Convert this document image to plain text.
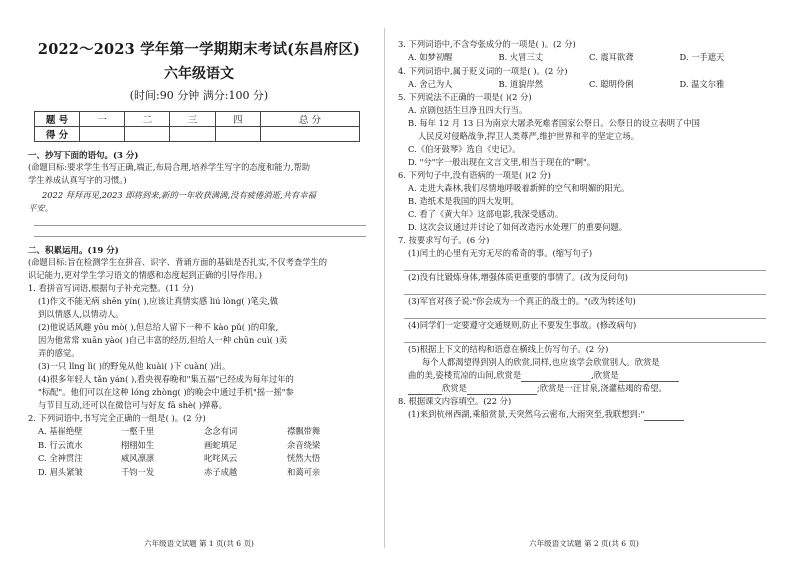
2022～2023 学年第一学期期末考试(东昌府区)
六年级语文
(时间:90 分钟 满分:100 分)
题 号	一	二	三	四	总 分
得 分					
一、抄写下面的语句。(3 分)
(命题目标:要求学生书写正确,端正,布局合理,培养学生写字的态度和能力,帮助
学生养成认真写字的习惯。)
2022 拜拜再见,2023 即将到来,新的一年收获满满,没有疲倦消逝,共有幸福
平安。
二、积累运用。(19 分)
(命题目标:旨在检测学生在拼音、识字、背诵方面的基础是否扎实,不仅考查学生的
识记能力,更对学生学习语文的情感和态度起到正确的引导作用。)
1. 看拼音写词语,根据句子补充完整。(11 分)
(1)作文不能无病 shēn yín( ),应该让真情实感 liú lòng( )笔尖,做
到以情感人,以情动人。
(2)他说话风趣 yōu mò( ),但总给人留下一种不 kào pǔ( )的印象,
因为他常常 xuān yào( )自己丰富的经历,但给人一种 chūn cuì( )卖
弄的感觉。
(3)一只 lǐng lì( )的野兔从他 kuài( )下 cuàn( )出。
(4)很多年轻人 tǎn yán( ),看央视春晚和"集五福"已经成为每年过年的
"标配"。他们可以在这种 lóng zhòng( )的晚会中通过手机"摇一摇"参
与节目互动,还可以在微信可与好友 fā shè( )弹幕。
2. 下列词语中,书写完全正确的一组是( )。(2 分)
A. 基崔绝壁	一壑千里	念念有词	襟飘带舞
B. 行云流水	栩栩如生	画蛇填足	余音绕梁
C. 全神贯注	威风凛凛	叱咤风云	恍然大悟
D. 眉头紧皱	千钧一发	赤子成越	和蔼可亲
六年级语文试题 第 1 页(共 6 页)
3. 下列词语中,不含夸张成分的一项是( )。(2 分)
A. 如梦初醒	B. 火冒三丈	C. 震耳欲聋	D. 一手遮天
4. 下列词语中,属于贬义词的一项是( )。(2 分)
A. 舍己为人	B. 道貌岸然	C. 聪明伶俐	D. 温文尔雅
5. 下列说法不正确的一项是( )(2 分)
A. 京剧包括生旦净丑四大行当。
B. 每年 12 月 13 日为南京大屠杀死难者国家公祭日。公祭日的设立表明了中国
人民反对侵略战争,捍卫人类尊严,维护世界和平的坚定立场。
C.《伯牙鼓琴》选自《史记》。
D. "兮"字一般出现在文言文里,相当于现在的"啊"。
6. 下列句子中,没有语病的一项是( )(2 分)
A. 走进大森林,我们尽情地呼吸着新鲜的空气和明媚的阳光。
B. 造纸术是我国的四大发明。
C. 看了《黄大年》这部电影,我深受感动。
D. 这次会议通过并讨论了如何改造污水处理厂的重要问题。
7. 按要求写句子。(6 分)
(1)闰土的心里有无穷无尽的希奇的事。(缩写句子)
(2)没有比锻炼身体,增强体质更重要的事情了。(改为反问句)
(3)军官对孩子说:"你会成为一个真正的战士的。"(改为转述句)
(4)同学们一定要遵守交通规则,防止不要发生事故。(修改病句)
(5)根据上下文的结构和语意在横线上仿写句子。(2 分)
每个人都渴望得到别人的欣赏,同样,也应该学会欣赏别人。欣赏是
曲的美,姿楼荒凉的山间,欣赏是	,欣赏是
欣赏是	;欣赏是一汪甘泉,浇灌枯竭的希望。
8. 根据课文内容填空。(22 分)
(1)来到杭州西湖,乘船赏景,天突然乌云密布,大雨突至,我联想到:"
六年级语文试题 第 2 页(共 6 页)
